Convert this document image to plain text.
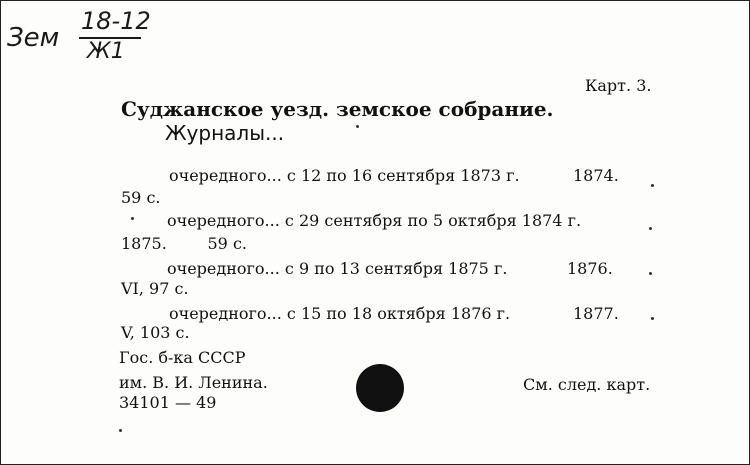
Зем
18-12
Ж1
Карт. 3.
Суджанское уезд. земское собрание.
Журналы...
очередного... с 12 по 16 сентября 1873 г.	1874.
59 с.
очередного... с 29 сентября по 5 октября 1874 г.
1875.        59 с.
очередного... с 9 по 13 сентября 1875 г.	1876.
VI, 97 с.
очередного... с 15 по 18 октября 1876 г.	1877.
V, 103 с.
Гос. б-ка СССР
им. В. И. Ленина.
34101 — 49
См. след. карт.
